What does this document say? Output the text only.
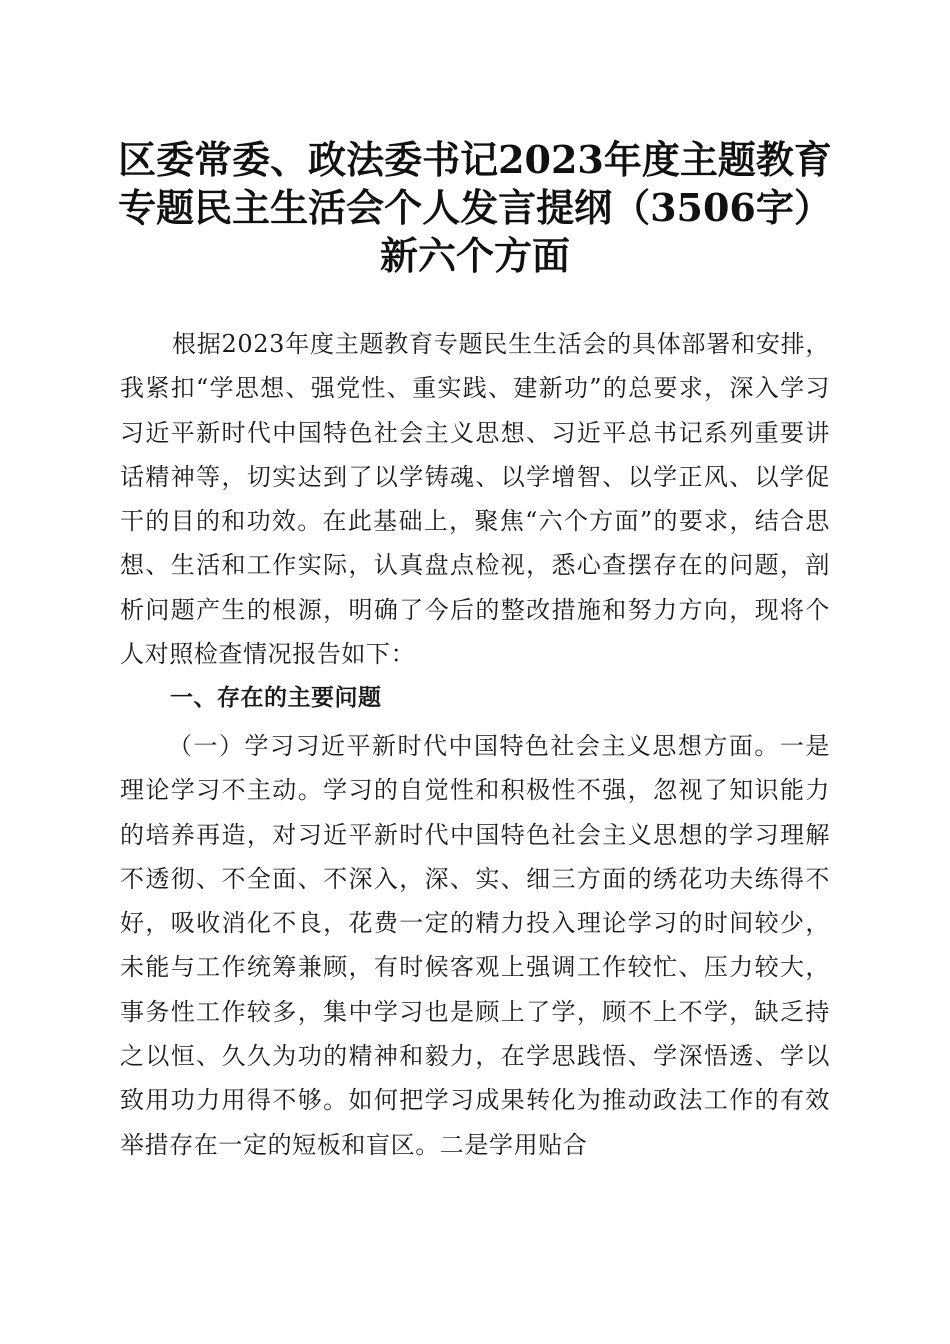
区委常委、政法委书记2023年度主题教育专题民主生活会个人发言提纲（3506字）新六个方面

根据2023年度主题教育专题民生生活会的具体部署和安排，我紧扣“学思想、强党性、重实践、建新功”的总要求，深入学习习近平新时代中国特色社会主义思想、习近平总书记系列重要讲话精神等，切实达到了以学铸魂、以学增智、以学正风、以学促干的目的和功效。在此基础上，聚焦“六个方面”的要求，结合思想、生活和工作实际，认真盘点检视，悉心查摆存在的问题，剖析问题产生的根源，明确了今后的整改措施和努力方向，现将个人对照检查情况报告如下：

一、存在的主要问题

（一）学习习近平新时代中国特色社会主义思想方面。一是理论学习不主动。学习的自觉性和积极性不强，忽视了知识能力的培养再造，对习近平新时代中国特色社会主义思想的学习理解不透彻、不全面、不深入，深、实、细三方面的绣花功夫练得不好，吸收消化不良，花费一定的精力投入理论学习的时间较少，未能与工作统筹兼顾，有时候客观上强调工作较忙、压力较大，事务性工作较多，集中学习也是顾上了学，顾不上不学，缺乏持之以恒、久久为功的精神和毅力，在学思践悟、学深悟透、学以致用功力用得不够。如何把学习成果转化为推动政法工作的有效举措存在一定的短板和盲区。二是学用贴合
